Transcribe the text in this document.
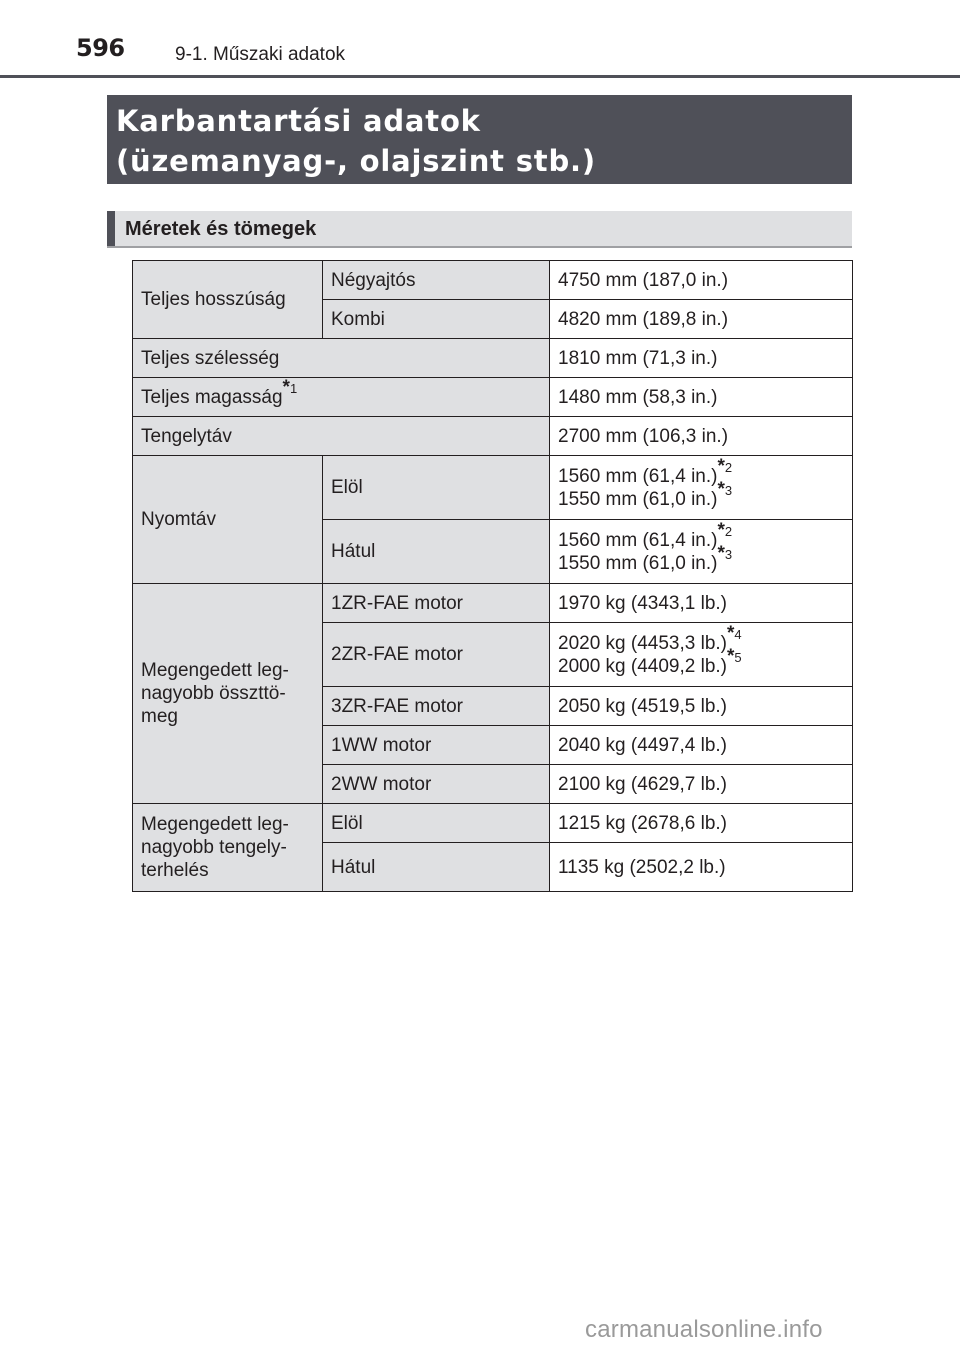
596	9-1. Műszaki adatok
Karbantartási adatok
(üzemanyag-, olajszint stb.)
Méretek és tömegek
Teljes hosszúság	Négyajtós	4750 mm (187,0 in.)
	Kombi	4820 mm (189,8 in.)
Teljes szélesség		1810 mm (71,3 in.)
Teljes magasság$^{*1}$		1480 mm (58,3 in.)
Tengelytáv		2700 mm (106,3 in.)
Nyomtáv	Elöl	1560 mm (61,4 in.)$^{*2}$
1550 mm (61,0 in.)$^{*3}$

	Hátul	1560 mm (61,4 in.)$^{*2}$
1550 mm (61,0 in.)$^{*3}$

Megengedett leg-
nagyobb összttö-
meg	1ZR-FAE motor	1970 kg (4343,1 lb.)
	2ZR-FAE motor	2020 kg (4453,3 lb.)$^{*4}$
2000 kg (4409,2 lb.)$^{*5}$

	3ZR-FAE motor	2050 kg (4519,5 lb.)
	1WW motor	2040 kg (4497,4 lb.)
	2WW motor	2100 kg (4629,7 lb.)

Megengedett leg-
nagyobb tengely-
terhelés	Elöl	1215 kg (2678,6 lb.)
	Hátul	1135 kg (2502,2 lb.)
carmanualsonline.info
